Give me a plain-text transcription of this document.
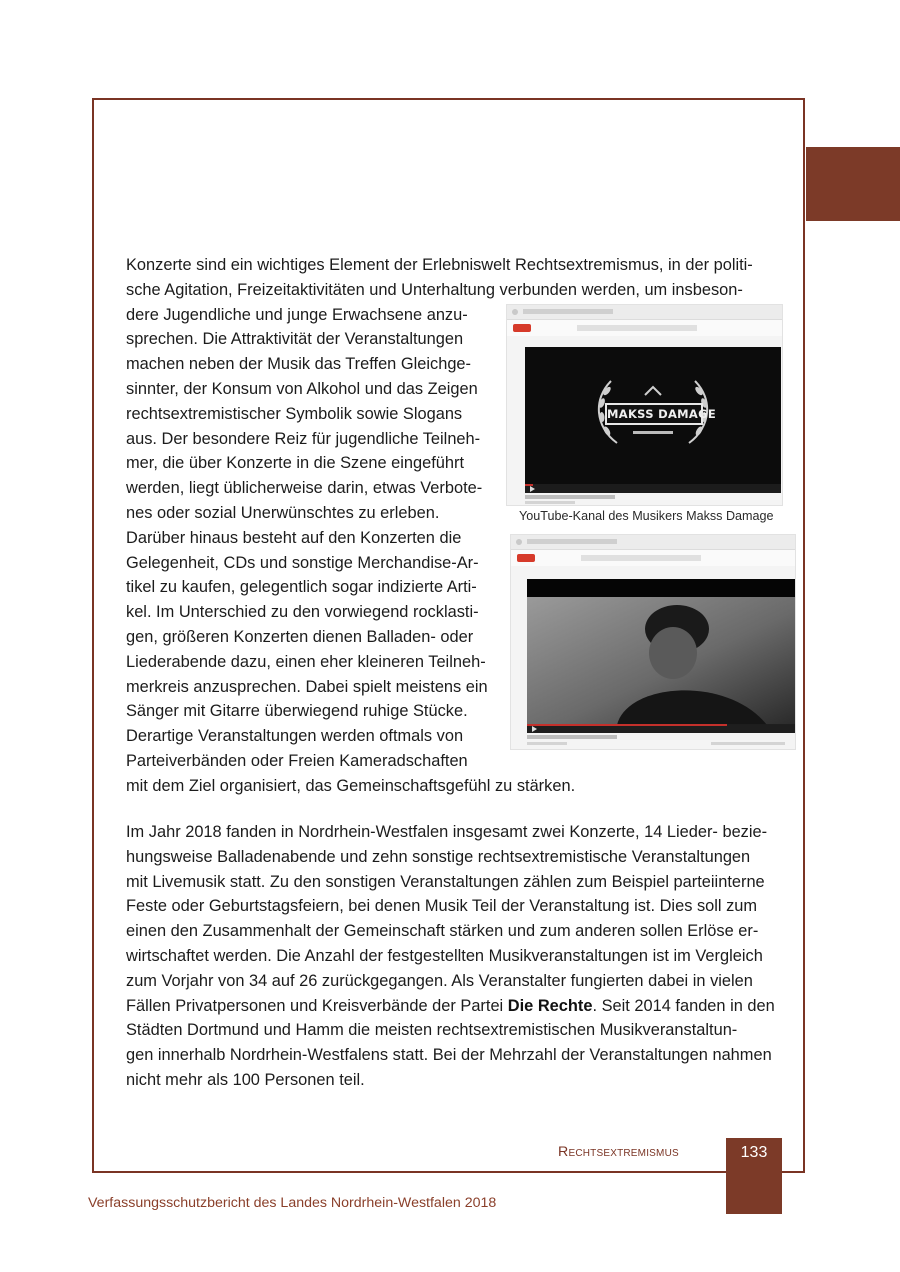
Konzerte sind ein wichtiges Element der Erlebniswelt Rechtsextremismus, in der politi-
sche Agitation, Freizeitaktivitäten und Unterhaltung verbunden werden, um insbeson-
dere Jugendliche und junge Erwachsene anzu-
sprechen. Die Attraktivität der Veranstaltungen
machen neben der Musik das Treffen Gleichge-
sinnter, der Konsum von Alkohol und das Zeigen
rechtsextremistischer Symbolik sowie Slogans
aus. Der besondere Reiz für jugendliche Teilneh-
mer, die über Konzerte in die Szene eingeführt
werden, liegt üblicherweise darin, etwas Verbote-
nes oder sozial Unerwünschtes zu erleben.
Darüber hinaus besteht auf den Konzerten die
Gelegenheit, CDs und sonstige Merchandise-Ar-
tikel zu kaufen, gelegentlich sogar indizierte Arti-
kel. Im Unterschied zu den vorwiegend rocklasti-
gen, größeren Konzerten dienen Balladen- oder
Liederabende dazu, einen eher kleineren Teilneh-
merkreis anzusprechen. Dabei spielt meistens ein
Sänger mit Gitarre überwiegend ruhige Stücke.
Derartige Veranstaltungen werden oftmals von
Parteiverbänden oder Freien Kameradschaften
mit dem Ziel organisiert, das Gemeinschaftsgefühl zu stärken.

MAKSS DAMAGE

YouTube-Kanal des Musikers Makss Damage

Im Jahr 2018 fanden in Nordrhein-Westfalen insgesamt zwei Konzerte, 14 Lieder- bezie-
hungsweise Balladenabende und zehn sonstige rechtsextremistische Veranstaltungen
mit Livemusik statt. Zu den sonstigen Veranstaltungen zählen zum Beispiel parteiinterne
Feste oder Geburtstagsfeiern, bei denen Musik Teil der Veranstaltung ist. Dies soll zum
einen den Zusammenhalt der Gemeinschaft stärken und zum anderen sollen Erlöse er-
wirtschaftet werden. Die Anzahl der festgestellten Musikveranstaltungen ist im Vergleich
zum Vorjahr von 34 auf 26 zurückgegangen. Als Veranstalter fungierten dabei in vielen
Fällen Privatpersonen und Kreisverbände der Partei Die Rechte. Seit 2014 fanden in den
Städten Dortmund und Hamm die meisten rechtsextremistischen Musikveranstaltun-
gen innerhalb Nordrhein-Westfalens statt. Bei der Mehrzahl der Veranstaltungen nahmen
nicht mehr als 100 Personen teil.

Rechtsextremismus	133

Verfassungsschutzbericht des Landes Nordrhein-Westfalen 2018
